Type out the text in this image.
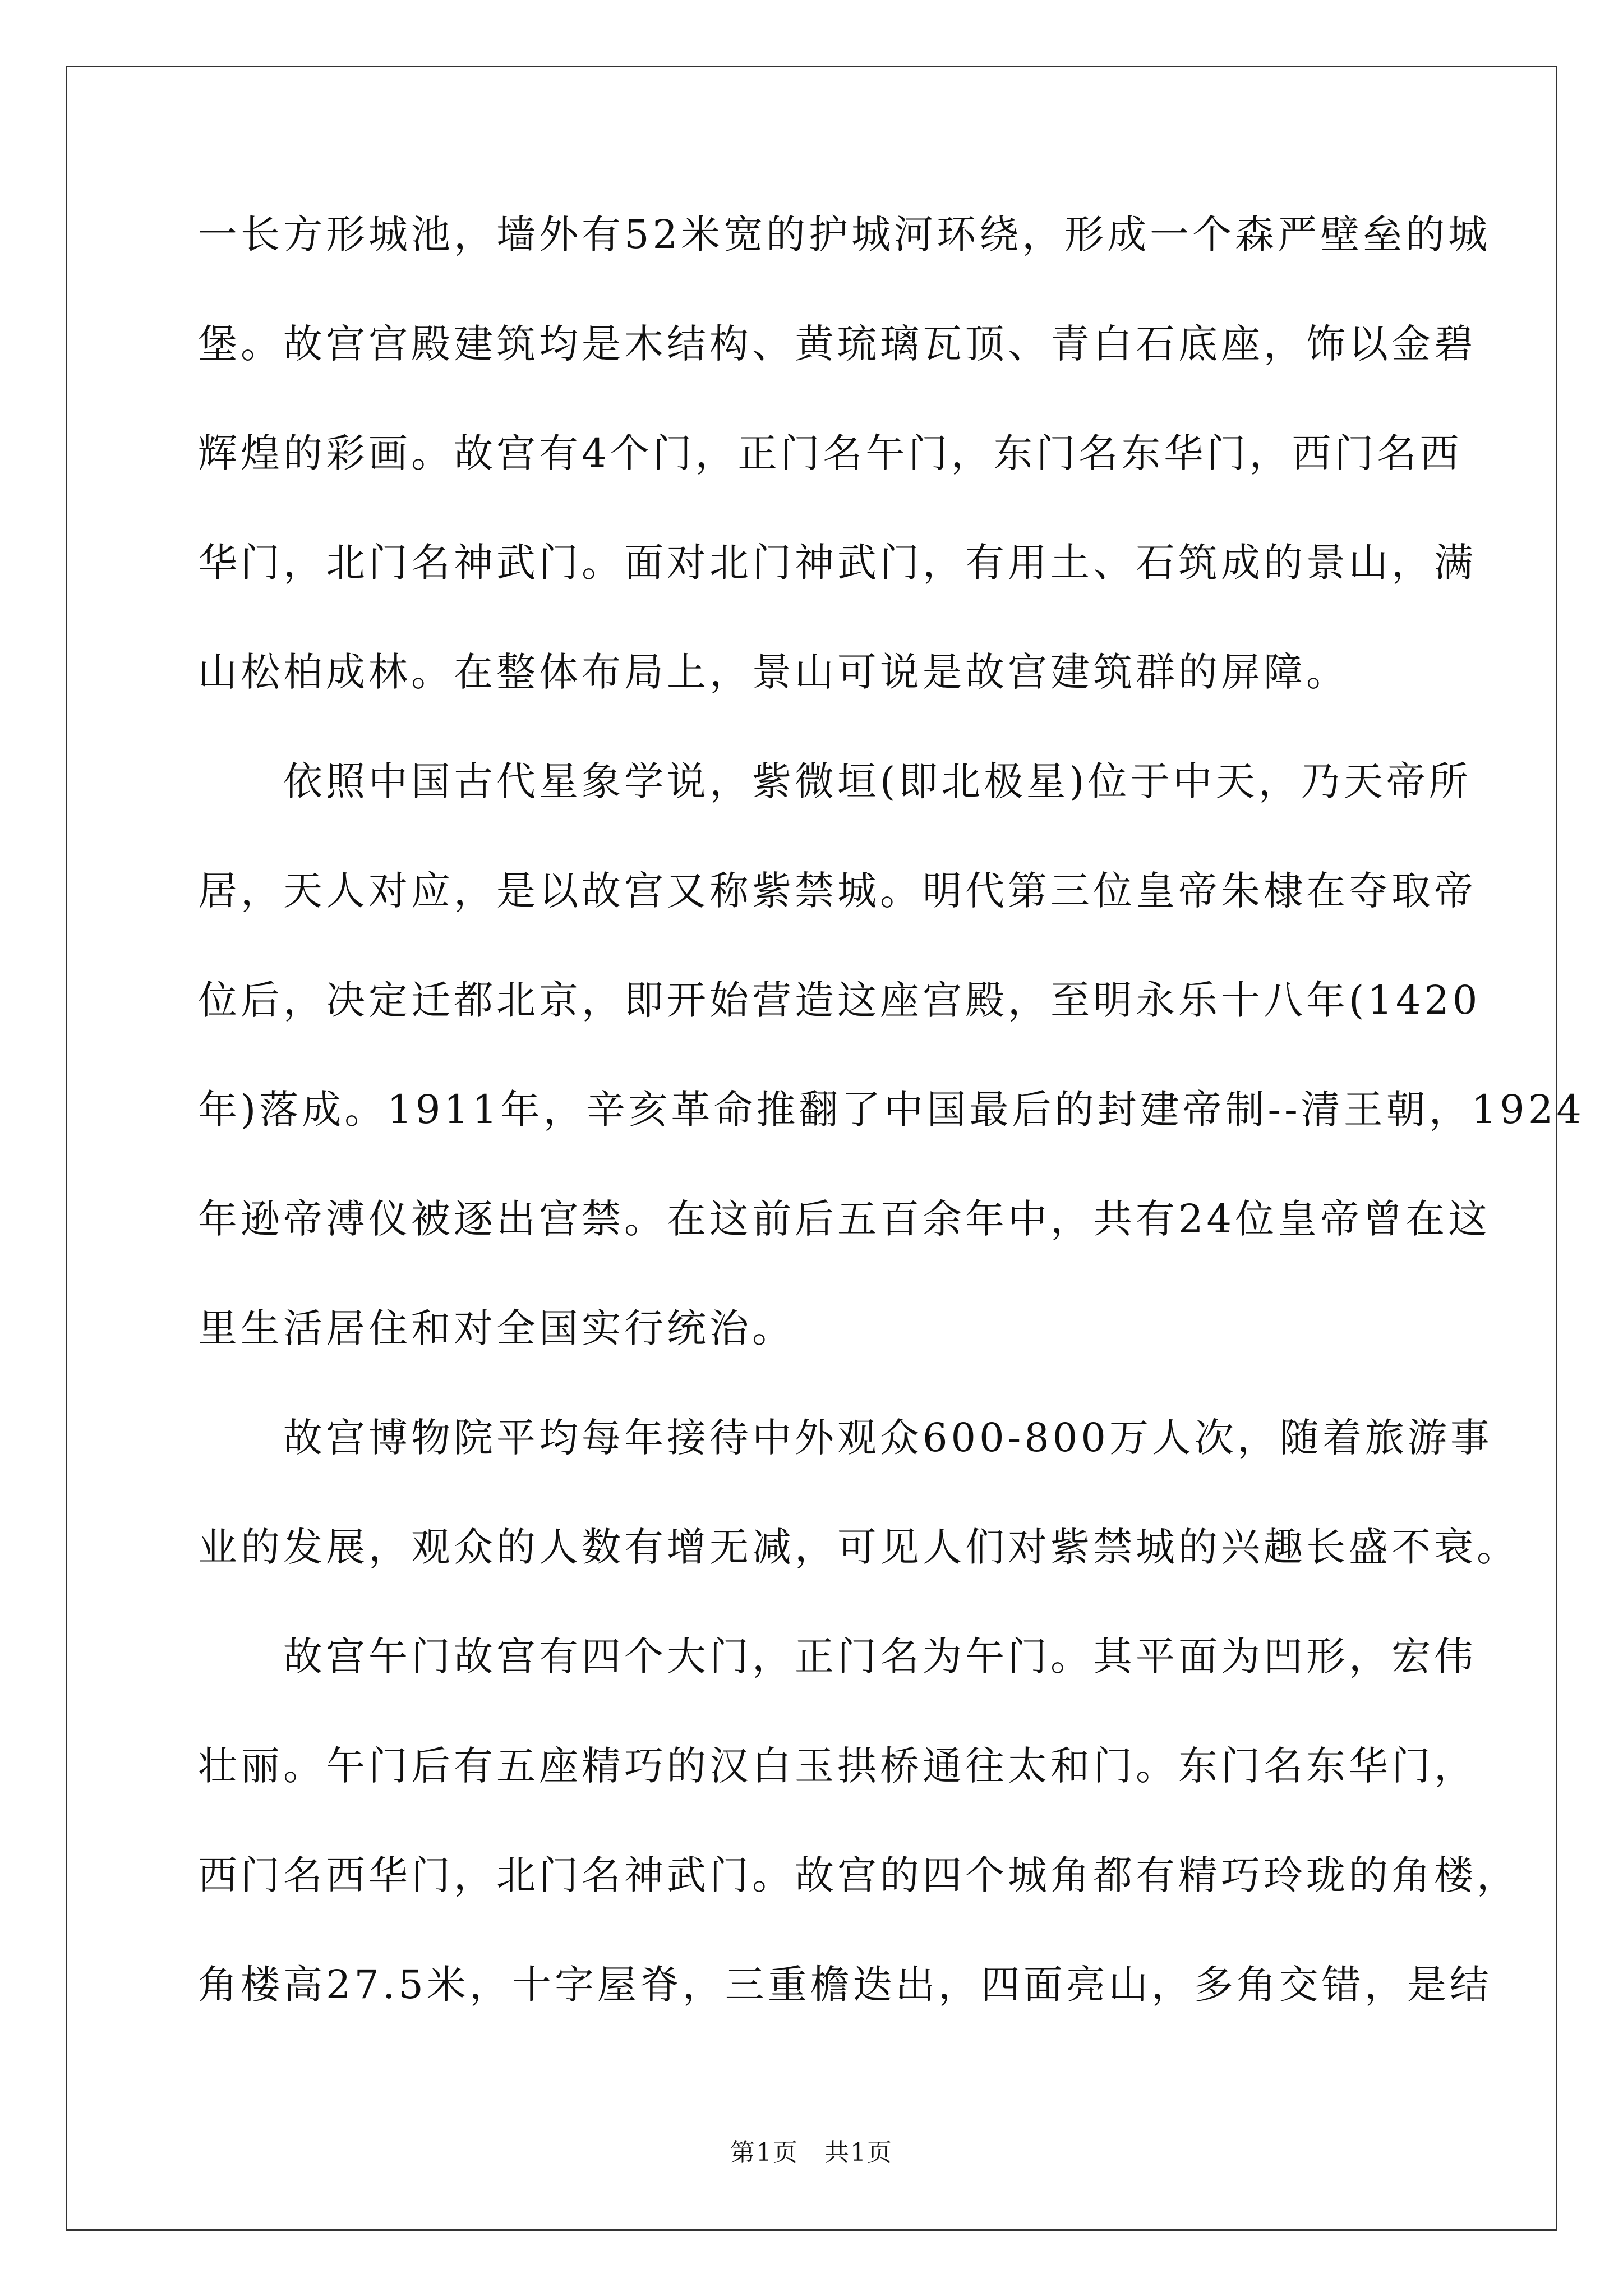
一长方形城池，墙外有52米宽的护城河环绕，形成一个森严壁垒的城
堡。故宫宫殿建筑均是木结构、黄琉璃瓦顶、青白石底座，饰以金碧
辉煌的彩画。故宫有4个门，正门名午门，东门名东华门，西门名西
华门，北门名神武门。面对北门神武门，有用土、石筑成的景山，满
山松柏成林。在整体布局上，景山可说是故宫建筑群的屏障。
　　依照中国古代星象学说，紫微垣(即北极星)位于中天，乃天帝所
居，天人对应，是以故宫又称紫禁城。明代第三位皇帝朱棣在夺取帝
位后，决定迁都北京，即开始营造这座宫殿，至明永乐十八年(1420
年)落成。1911年，辛亥革命推翻了中国最后的封建帝制--清王朝，1924
年逊帝溥仪被逐出宫禁。在这前后五百余年中，共有24位皇帝曾在这
里生活居住和对全国实行统治。
　　故宫博物院平均每年接待中外观众600-800万人次，随着旅游事
业的发展，观众的人数有增无减，可见人们对紫禁城的兴趣长盛不衰。
　　故宫午门故宫有四个大门，正门名为午门。其平面为凹形，宏伟
壮丽。午门后有五座精巧的汉白玉拱桥通往太和门。东门名东华门，
西门名西华门，北门名神武门。故宫的四个城角都有精巧玲珑的角楼，
角楼高27.5米，十字屋脊，三重檐迭出，四面亮山，多角交错，是结
第1页　共1页
